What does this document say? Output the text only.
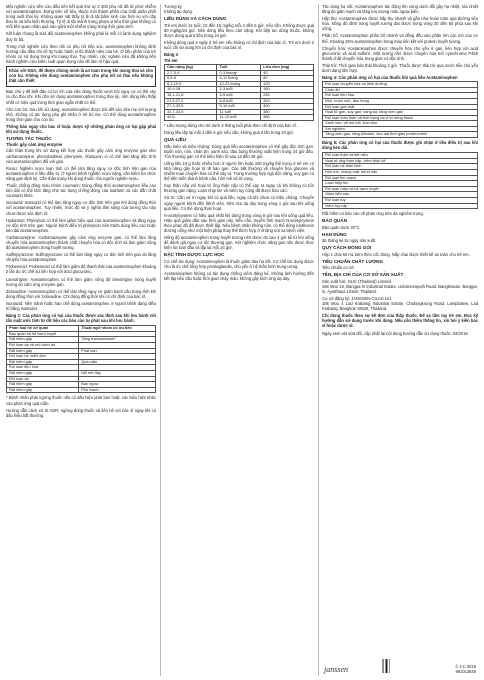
Một nghiên cứu tiến cứu đầu tiên kết quả thứ tự 3 200 phụ nữ đã từ phơi nhiễm với acetaminophen. Đứng trên số liệu, thuộc môi thành phần của chất phân phối trong suốt thai kỳ. Không quan sát thấy tỷ lệ dị tật bẩm sinh cao hơn so với cặp thai từ và tiểu kinh thường. Tỷ lệ dị tật mảnh trong phạm vi tiêu thời gian không có mối liên quan nhân quả nào giữa một nhiễm trùng trong thời gian sinh.

Kết luận chung là sửa đổi acetaminophen không phải là mối có lành dụng nghiệm duy từ bà.

Trong một nghiên cứu theo dõi có phụ nữ tiếp xúc, acetaminophen không định hưởng cấu điều chỉ số IQ hoặc hành vi thì thành niên của bé. Ở liệu phân của trẻ nhóm có sử dụng trong khi mang thai. Tuy nhiên, các nghiên cứu đã không tiến hành nghiên cứu kiếm soát quan trọng nào để làm rõ hậu quả.

Khác với NSA, để được chúng minh là an toàn trong khi mang thai và cho con bú. Không nên dùng acetaminophen cho phụ nữ có thai nếu không thật cần thiết.

Bạn chú ý để biết đâu có lợi ích của việc dùng thuốc vượt trội nguy cơ có thể xảy ra cho thai nhi. Khi cần sử dụng acetaminophen trong thai kỳ, nên dùng liều thấp nhất có hiệu quả trong thời gian ngắn nhất có thể.

Cho con bú: Sau khi sử dụng, acetaminophen được bài tiết vào sữa mẹ với lượng nhỏ. Không có tác dụng phụ ghi nhận ở trẻ bú mẹ. Có thể dùng acetaminophen trong thời gian cho con bú.

Thông báo ngay cho bác sĩ hoặc dược sỹ những phản ứng có hại gặp phải khi sử dụng thuốc.

TƯƠNG TÁC THUỐC
Thuốc gây cảm ứng enzyme

Cần thận trọng khi sử dụng kết hợp các thuốc gây cảm ứng enzyme gan như carbamazepine, phenobarbital, phenytoin, rifampicin vì có thể làm tăng độc tính của acetaminophen đối với gan.

Rượu: Nghiện rượu mạn tính có thể làm tăng nguy cơ độc tính trên gan của acetaminophen ở liều điều trị. Ở người bệnh nghiện rượu nặng, cần kiểm tra chức năng gan định kỳ. Cần thận trọng khi dùng thuốc cho người nghiện rượu.

Thuốc chống đông máu nhóm coumarin: Dùng đồng thời acetaminophen liều cao kéo dài có thể làm tăng nhẹ tác dụng chống đông của warfarin và các dẫn chất coumarin khác.

Isoniazid: Isoniazid có thể làm tăng nguy cơ độc tính trên gan khi dùng đồng thời với acetaminophen. Tuy nhiên, mức độ và ý nghĩa lâm sàng của tương tác này chưa được xác định rõ.

Hydantoin: Phenytoin có thể làm giảm hiệu quả của acetaminophen và tăng nguy cơ độc tính trên gan. Người bệnh điều trị phenytoin nên tránh dùng liều cao hoặc kéo dài acetaminophen.

Carbamazepine: Carbamazepine gây cảm ứng enzyme gan, có thể làm tăng chuyển hóa acetaminophen thành chất chuyển hóa có độc tính và làm giảm nồng độ acetaminophen trong huyết tương.

Sulfinpyrazone: Sulfinpyrazone có thể làm tăng nguy cơ độc tính trên gan do tăng chuyển hóa acetaminophen.

Probenecid: Probenecid có thể làm giảm độ thanh thải của acetaminophen khoảng 2 lần do ức chế sự liên hợp với acid glucuronic.

Lamotrigine: Acetaminophen có thể làm giảm nồng độ lamotrigine trong huyết tương do cảm ứng enzyme gan.

Zidovudine: Acetaminophen có thể làm tăng nguy cơ giảm bạch cầu trung tính khi dùng đồng thời với zidovudine. Chỉ dùng đồng thời khi có chỉ định của bác sĩ.

Isoniazid: Nên tránh hoặc hạn chế dùng acetaminophen ở người bệnh đang điều trị bằng isoniazid.

Bảng 2: Các phản ứng có hại của thuốc được xác định sau khi lưu hành với tần suất ước tính từ dữ liệu các báo cáo tự phát sau khi lưu hành.

Phân loại hệ cơ quan	Thuật ngữ nhóm có ưu tiên
Bảo quản và hệ bạch huyết	
Rất hiếm gặp	Tăng transaminase*
Rối loạn da và mô dưới da	
Rất hiếm gặp	Phát ban
Rối loạn hệ miễn dịch	
Rất hiếm gặp	Quá mẫn
Rối loạn tiêu hóa	
Rất hiếm gặp	Nổi mề đay
Rối loạn da	
Rất hiếm gặp	Ban ngứa
Rất hiếm gặp	Phù mạch

* Bệnh nhân phải ngừng thuốc nếu có dấu hiệu phát ban hoặc các biểu hiện khác của phản ứng quá mẫn.

Hướng dẫn cách xử trí ADR: ngừng dùng thuốc và liên hệ với bác sĩ ngay khi có dấu hiệu bất thường.

Tương kỵ
Không áp dụng.

LIỀU DÙNG VÀ CÁCH DÙNG

Trẻ em dưới 12 tuổi: 10 đến 15 mg/kg mỗi 4 đến 6 giờ, nếu cần. Không được quá 60 mg/kg/24 giờ. Nên dùng liều theo cân nặng. Khi tiếp tục dùng thuốc, không được dùng quá 5 liều trong 24 giờ.

Không dùng quá 4 ngày ở trẻ em nếu không có chỉ định của bác sĩ. Trẻ em dưới 2 tuổi: chỉ sử dụng khi có chỉ định của bác sĩ.

Bảng 3
Trẻ em
Cân nặng (kg)	Tuổi	Liều đơn (mg)
2,7-5,4	0-3 tháng*	40
5,5-8	4-11 tháng	80
8,1-10,9	12-23 tháng	120
10,9-16	2-3 tuổi	160
16,1-21,8	4-5 tuổi	240
21,9-27,2	6-8 tuổi	320
27,3-32,6	9-10 tuổi	400
32,7-43,6	11 tuổi	480
43,6-	11-12 tuổi	480

* Liều lượng dùng cho trẻ dưới 3 tháng tuổi phải theo chỉ định của bác sĩ.

Dùng liều lặp lại mỗi 4 đến 6 giờ nếu cần, không quá 5 lần trong 24 giờ.

QUÁ LIỀU

Dấu hiệu và triệu chứng: Dùng quá liều acetaminophen có thể gây độc tính gan. Buồn nôn, nôn, chán ăn, xanh xao, đau bụng thường xuất hiện trong 24 giờ đầu. Tổn thương gan có thể biểu hiện rõ sau 12 đến 48 giờ.

Uống liều 10 g hoặc nhiều hơn ở người lớn hoặc 150 mg/kg thể trọng ở trẻ em có khả năng gây hoại tử tế bào gan. Các bất thường về chuyển hóa glucose và nhiễm toan chuyển hóa có thể xảy ra. Trong trường hợp ngộ độc nặng, suy gan có thể tiến triển thành bệnh não, hôn mê và tử vong.

Suy thận cấp với hoại tử ống thận cấp có thể xảy ra ngay cả khi không có tổn thương gan nặng. Loạn nhịp tim và viêm tụy cũng đã được báo cáo.

Xử trí: Cần xử trí ngay khi có quá liều, ngay cả khi chưa có triệu chứng. Chuyển ngay người bệnh đến bệnh viện. Nên rửa dạ dày trong vòng 1 giờ sau khi uống quá liều. Có thể dùng than hoạt.

N-acetylcystein có hiệu quả nhất khi dùng trong vòng 8 giờ sau khi uống quá liều. Hiệu quả giảm dần sau thời gian này. Nếu cần, truyền tĩnh mạch N-acetylcystein theo phác đồ đã được thiết lập. Nếu bệnh nhân không nôn, có thể dùng methionin đường uống như một biện pháp thay thế thích hợp ở những nơi xa bệnh viện.

Nồng độ acetaminophen trong huyết tương nên được đo sau 4 giờ kể từ khi uống để đánh giá nguy cơ tổn thương gan. Xét nghiệm chức năng gan nên được thực hiện lúc ban đầu và lặp lại mỗi 24 giờ.

ĐẶC TÍNH DƯỢC LỰC HỌC

Cơ chế tác dụng: Acetaminophen là thuốc giảm đau hạ sốt. Cơ chế tác dụng được cho là ức chế tổng hợp prostaglandin, chủ yếu ở hệ thần kinh trung ương.

Acetaminophen không có tác dụng chống viêm đáng kể. Không ảnh hưởng đến kết tập tiểu cầu hoặc thời gian chảy máu, không gây kích ứng dạ dày.

Tác dụng hạ sốt: Acetaminophen tác động lên vùng dưới đồi gây hạ nhiệt, tỏa nhiệt tăng do giãn mạch và tăng lưu lượng máu ngoại biên.

Hấp thu: Acetaminophen được hấp thu nhanh và gần như hoàn toàn qua đường tiêu hóa. Nồng độ đỉnh trong huyết tương đạt được trong vòng 30 đến 60 phút sau khi uống.

Phân bố: Acetaminophen phân bố nhanh và đồng đều vào phần lớn các mô của cơ thể. Khoảng 25% acetaminophen trong máu liên kết với protein huyết tương.

Chuyển hóa: Acetaminophen được chuyển hóa chủ yếu ở gan, liên hợp với acid glucuronic và acid sulfuric. Một lượng nhỏ được chuyển hóa bởi cytochrome P450 thành chất chuyển hóa trung gian có độc tính.

Thải trừ: Thời gian bán thải khoảng 2 giờ. Thuốc được thải trừ qua nước tiểu chủ yếu dưới dạng liên hợp.

Bảng 4: Các phản ứng có hại của thuốc khi quá liều Acetaminophen
Rối loạn chuyển hóa và dinh dưỡng
Chán ăn
Rối loạn tiêu hóa
Nôn, buồn nôn, đau bụng
Rối loạn gan mật
Hoại tử gan, suy gan, vàng da, tăng men gan
Rối loạn toàn thân và tình trạng tại vị trí dùng thuốc
Xanh xao, vã mồ hôi, khó chịu
Xét nghiệm
Tăng men gan, tăng bilirubin, kéo dài thời gian prothrombin

Bảng 5: Các phản ứng có hại của thuốc được ghi nhận ở liều điều trị sau khi dùng kéo dài.

Rối loạn thận và tiết niệu
Hoại tử ống thận cấp, viêm thận kẽ
Rối loạn hệ thần kinh
Hôn mê, chóng mặt, bệnh não
Rối loạn tim mạch
Loạn nhịp tim
Rối loạn máu và hệ bạch huyết
Giảm tiểu cầu
Rối loạn tụy
Viêm tụy cấp

Rất hiếm có báo cáo về phản ứng trên da nghiêm trọng.

BẢO QUẢN

Bảo quản dưới 30°C.

HẠN DÙNG

36 tháng kể từ ngày sản xuất.

QUY CÁCH ĐÓNG GÓI

Hộp 1 chai 60 mL kèm theo cốc đong. Nắp chai được thiết kế an toàn cho trẻ em.

TIÊU CHUẨN CHẤT LƯỢNG

Tiêu chuẩn cơ sở.

TÊN, ĐỊA CHỈ CỦA CƠ SỞ SẢN XUẤT

Sản xuất bởi: OLIC (Thailand) Limited
166 Moo 16, Bangpa-In Industrial Estate, Udomsorayuth Road, Bangkrasan, Bangpa-in, Ayutthaya 13160, Thailand.

Cơ sở đăng ký: JANSSEN-CILAG Ltd.
106 Moo 4 Lad Krabang Industrial Estate, Chalongkrung Road, Lamplatiew, Lad Krabang, Bangkok 10520, Thailand.

Chỉ dùng thuốc theo sự kê đơn của thầy thuốc. Để xa tầm tay trẻ em. Đọc kỹ hướng dẫn sử dụng trước khi dùng. Nếu cần thêm thông tin, xin hỏi ý kiến bác sĩ hoặc dược sĩ.

Ngày xem xét sửa đổi, cập nhật lại nội dung hướng dẫn sử dụng thuốc: 04/2018

janssen	© J-C 2018
991013645
